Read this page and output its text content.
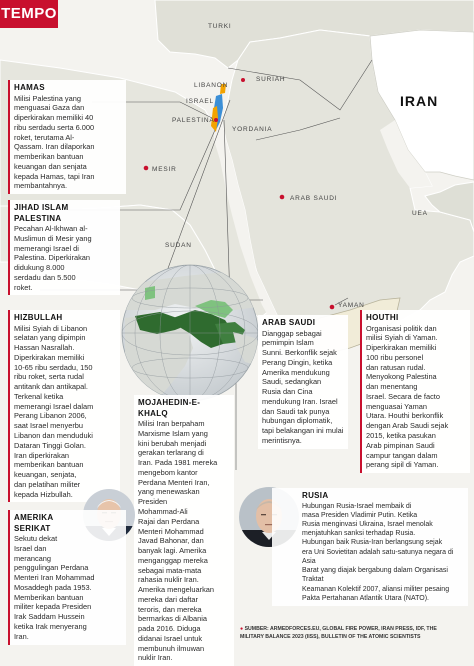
TEMPO
TURKI
SURIAH
LIBANON
ISRAEL
PALESTINA
YORDANIA
IRAN
MESIR
ARAB SAUDI
UEA
SUDAN
YAMAN
HAMAS
Milisi Palestina yang
menguasai Gaza dan
diperkirakan memiliki 40
ribu serdadu serta 6.000
roket, terutama Al-
Qassam. Iran dilaporkan
memberikan bantuan
keuangan dan senjata
kepada Hamas, tapi Iran
membantahnya.
JIHAD ISLAM
PALESTINA
Pecahan Al-Ikhwan al-
Muslimun di Mesir yang
memerangi Israel di
Palestina. Diperkirakan
didukung 8.000
serdadu dan 5.500
roket.
HIZBULLAH
Milisi Syiah di Libanon
selatan yang dipimpin
Hassan Nasrallah.
Diperkirakan memiliki
10-65 ribu serdadu, 150
ribu roket, serta rudal
antitank dan antikapal.
Terkenal ketika
memerangi Israel dalam
Perang Libanon 2006,
saat Israel menyerbu
Libanon dan menduduki
Dataran Tinggi Golan.
Iran diperkirakan
memberikan bantuan
keuangan, senjata,
dan pelatihan militer
kepada Hizbullah.
ARAB SAUDI
Dianggap sebagai
pemimpin Islam
Sunni. Berkonflik sejak
Perang Dingin, ketika
Amerika mendukung
Saudi, sedangkan
Rusia dan Cina
mendukung Iran. Israel
dan Saudi tak punya
hubungan diplomatik,
tapi belakangan ini mulai
merintisnya.
HOUTHI
Organisasi politik dan
milisi Syiah di Yaman.
Diperkirakan memiliki
100 ribu personel
dan ratusan rudal.
Menyokong Palestina
dan menentang
Israel. Secara de facto
menguasai Yaman
Utara. Houthi berkonflik
dengan Arab Saudi sejak
2015, ketika pasukan
Arab pimpinan Saudi
campur tangan dalam
perang sipil di Yaman.
MOJAHEDIN-E-KHALQ
Milisi Iran berpaham
Marxisme Islam yang
kini berubah menjadi
gerakan terlarang di
Iran. Pada 1981 mereka
mengebom kantor
Perdana Menteri Iran,
yang menewaskan
Presiden
Mohammad-Ali
Rajai dan Perdana
Menteri Mohammad
Javad Bahonar, dan
banyak lagi. Amerika
menganggap mereka
sebagai mata-mata
rahasia nuklir Iran.
Amerika mengeluarkan
mereka dari daftar
teroris, dan mereka
bermarkas di Albania
pada 2016. Diduga
didanai Israel untuk
membunuh ilmuwan
nuklir Iran.
AMERIKA
SERIKAT
Sekutu dekat
Israel dan
merancang
penggulingan Perdana
Menteri Iran Mohammad
Mosaddegh pada 1953.
Memberikan bantuan
militer kepada Presiden
Irak Saddam Hussein
ketika Irak menyerang
Iran.
RUSIA
Hubungan Rusia-Israel membaik di
masa Presiden Vladimir Putin. Ketika
Rusia menginvasi Ukraina, Israel menolak
menjatuhkan sanksi terhadap Rusia.
Hubungan baik Rusia-Iran berlangsung sejak
era Uni Sovietitan adalah satu-satunya negara di Asia
Barat yang diajak bergabung dalam Organisasi Traktat
Keamanan Kolektif 2007, aliansi militer pesaing
Pakta Pertahanan Atlantik Utara (NATO).
● SUMBER: ARMEDFORCES.EU, GLOBAL FIRE POWER, IRAN PRESS, IDF, THE
MILITARY BALANCE 2023 (IISS), BULLETIN OF THE ATOMIC SCIENTISTS
